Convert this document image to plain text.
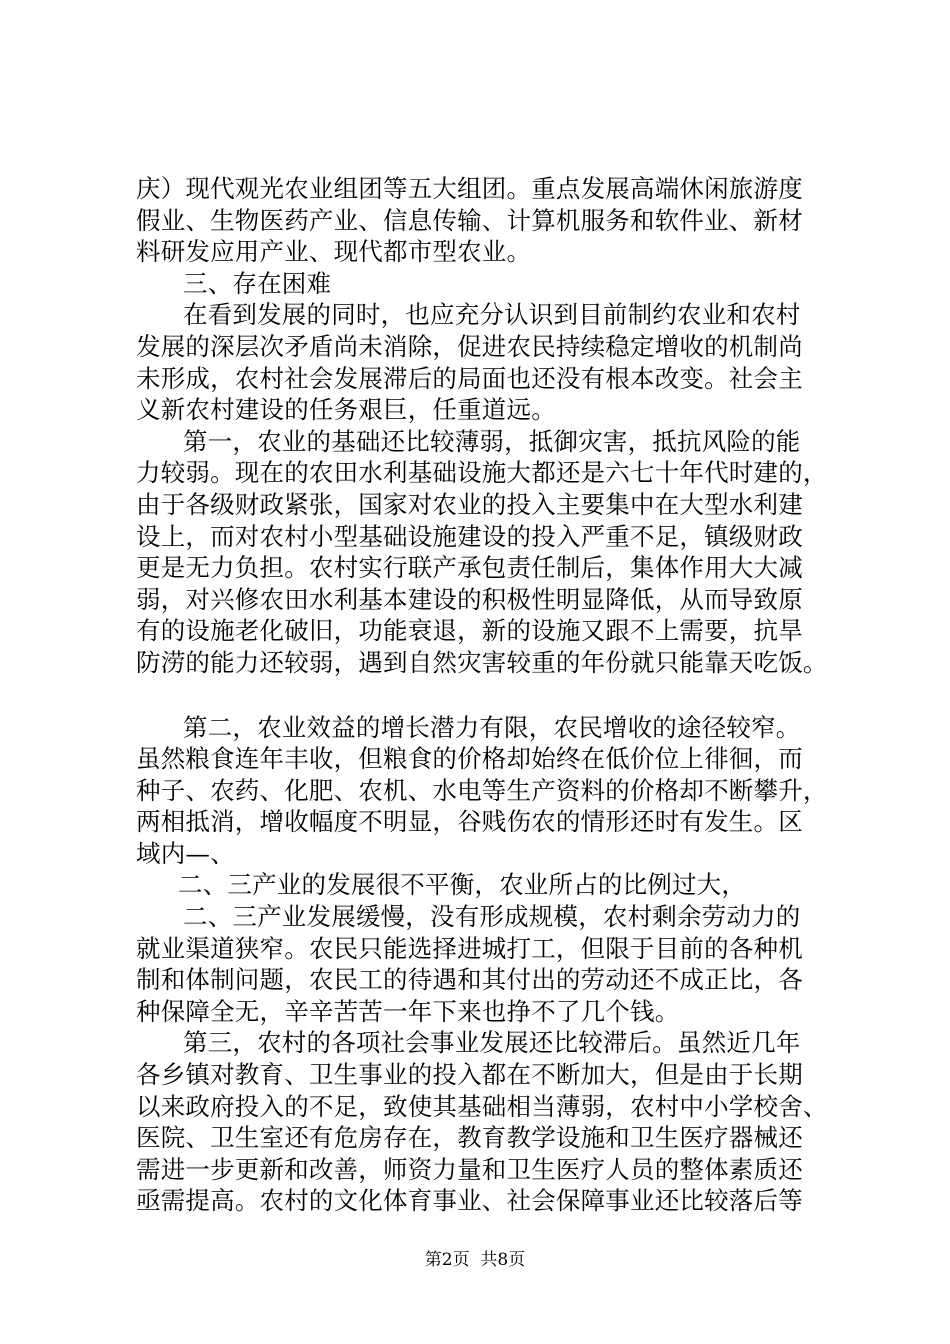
庆）现代观光农业组团等五大组团。重点发展高端休闲旅游度
假业、生物医药产业、信息传输、计算机服务和软件业、新材
料研发应用产业、现代都市型农业。
三、存在困难
在看到发展的同时，也应充分认识到目前制约农业和农村
发展的深层次矛盾尚未消除，促进农民持续稳定增收的机制尚
未形成，农村社会发展滞后的局面也还没有根本改变。社会主
义新农村建设的任务艰巨，任重道远。
第一，农业的基础还比较薄弱，抵御灾害，抵抗风险的能
力较弱。现在的农田水利基础设施大都还是六七十年代时建的，
由于各级财政紧张，国家对农业的投入主要集中在大型水利建
设上，而对农村小型基础设施建设的投入严重不足，镇级财政
更是无力负担。农村实行联产承包责任制后，集体作用大大减
弱，对兴修农田水利基本建设的积极性明显降低，从而导致原
有的设施老化破旧，功能衰退，新的设施又跟不上需要，抗旱
防涝的能力还较弱，遇到自然灾害较重的年份就只能靠天吃饭。
第二，农业效益的增长潜力有限，农民增收的途径较窄。
虽然粮食连年丰收，但粮食的价格却始终在低价位上徘徊，而
种子、农药、化肥、农机、水电等生产资料的价格却不断攀升，
两相抵消，增收幅度不明显，谷贱伤农的情形还时有发生。区
域内—、
二、三产业的发展很不平衡，农业所占的比例过大，
二、三产业发展缓慢，没有形成规模，农村剩余劳动力的
就业渠道狭窄。农民只能选择进城打工，但限于目前的各种机
制和体制问题，农民工的待遇和其付出的劳动还不成正比，各
种保障全无，辛辛苦苦一年下来也挣不了几个钱。
第三，农村的各项社会事业发展还比较滞后。虽然近几年
各乡镇对教育、卫生事业的投入都在不断加大，但是由于长期
以来政府投入的不足，致使其基础相当薄弱，农村中小学校舍、
医院、卫生室还有危房存在，教育教学设施和卫生医疗器械还
需进一步更新和改善，师资力量和卫生医疗人员的整体素质还
亟需提高。农村的文化体育事业、社会保障事业还比较落后等
第2页  共8页
